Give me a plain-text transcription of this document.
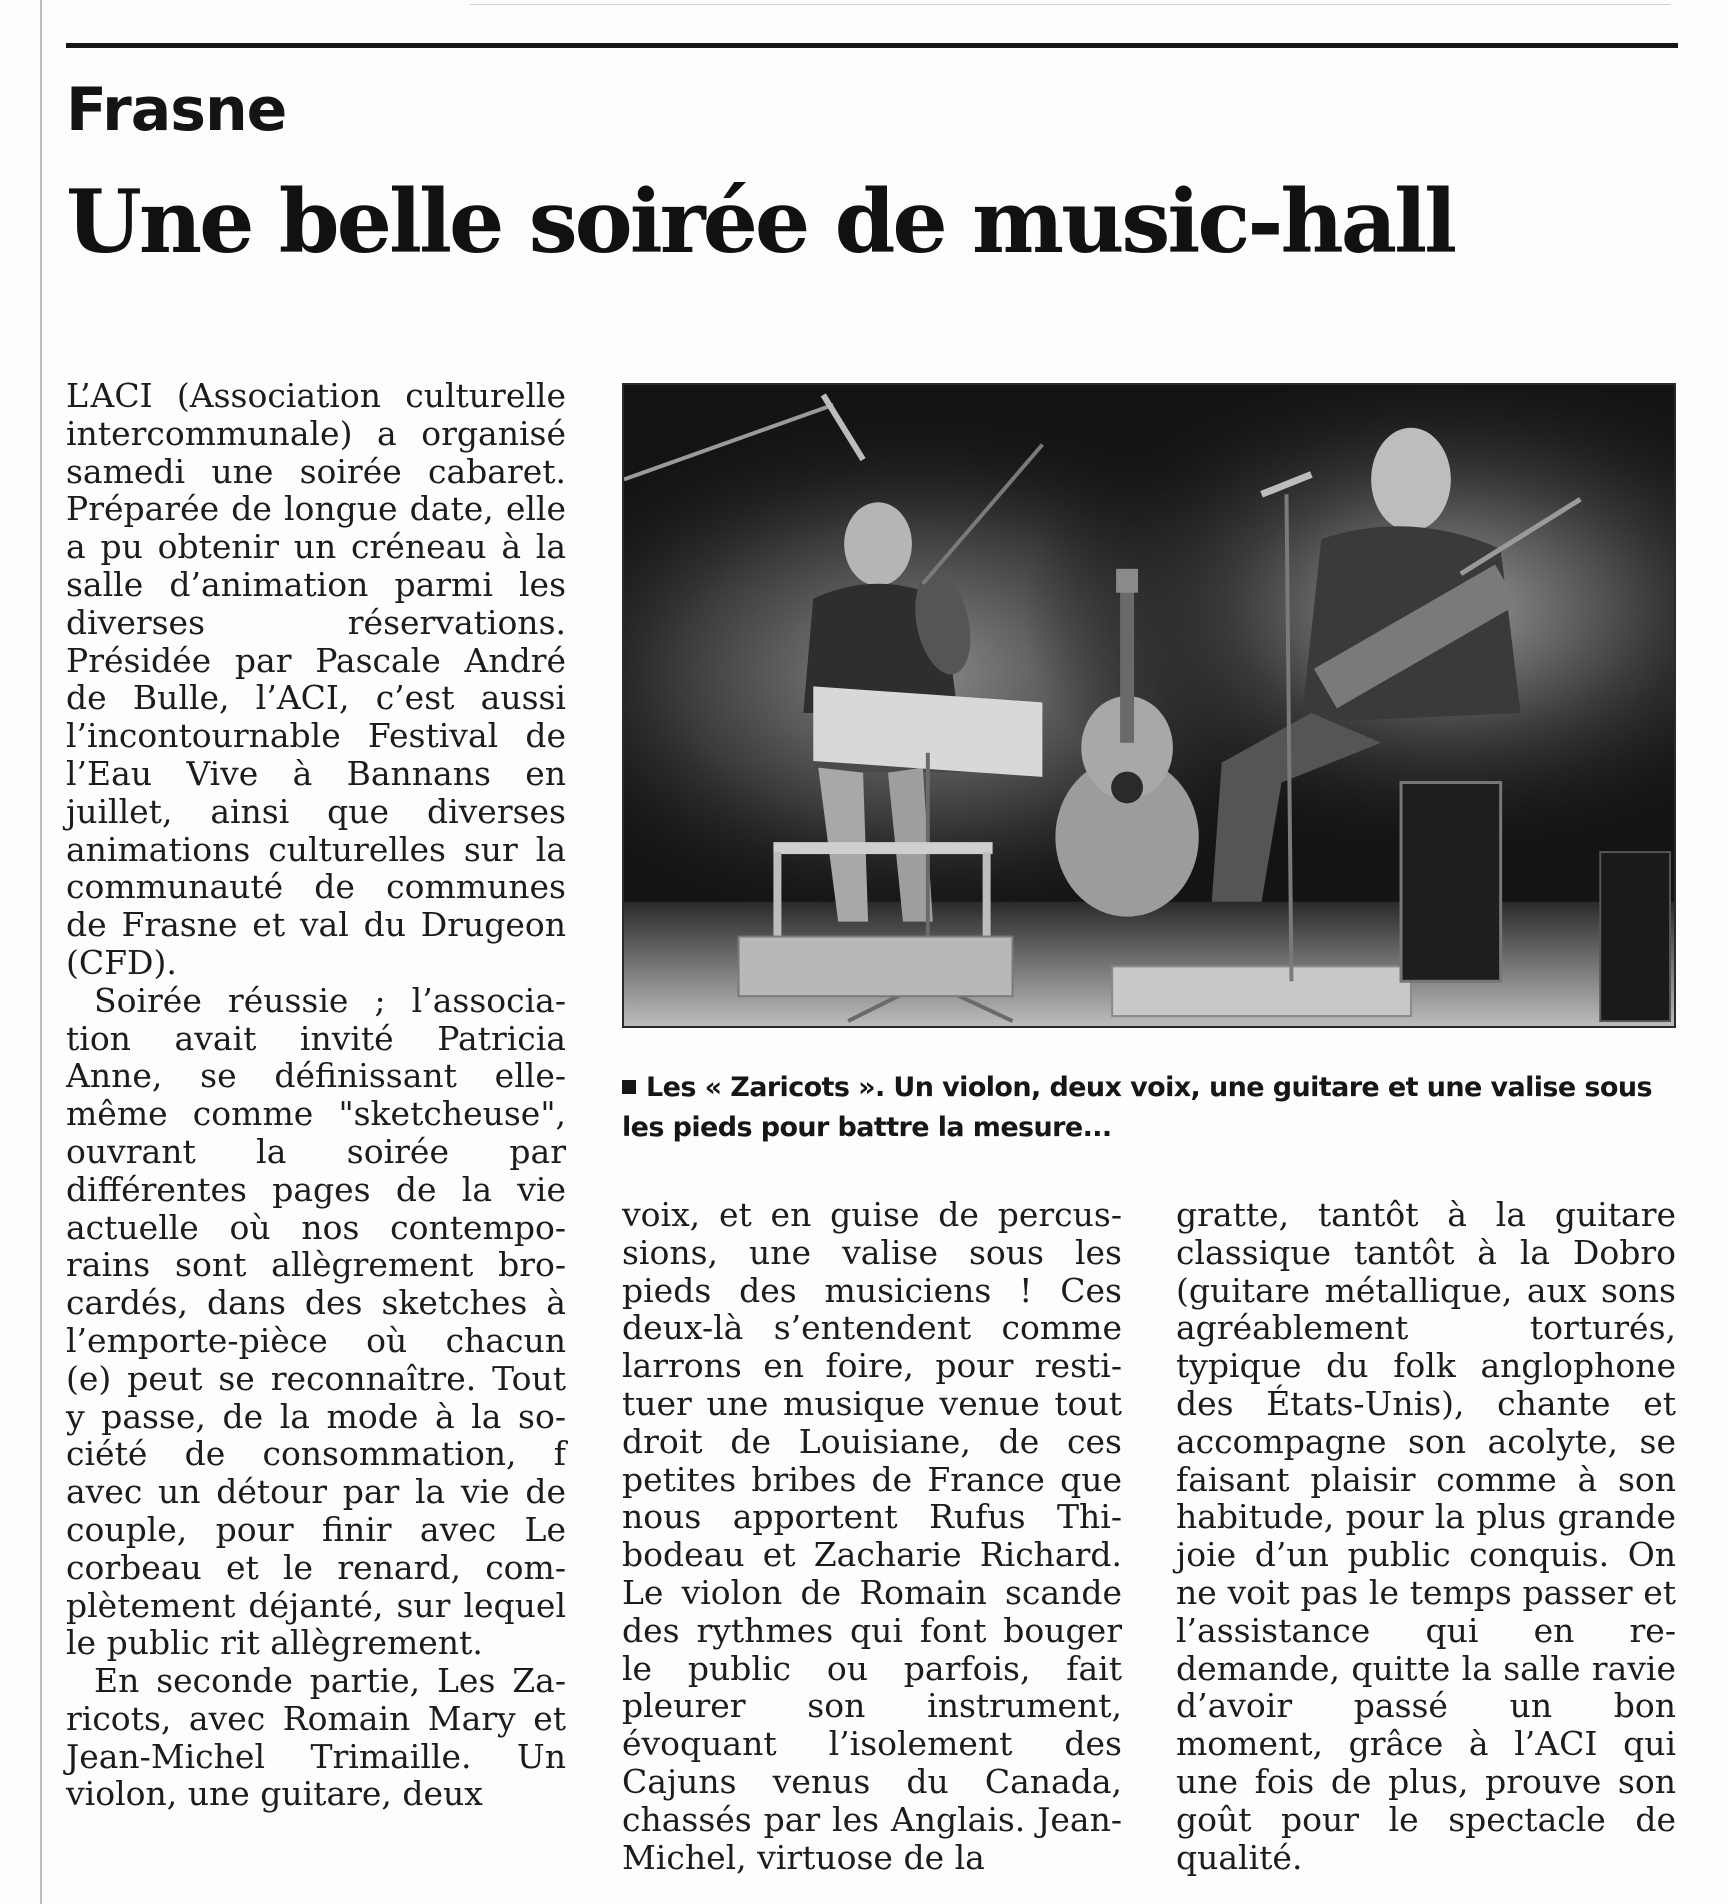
Frasne
Une belle soirée de music-hall

L’ACI (Association culturelle intercommunale) a organisé samedi une soirée cabaret. Préparée de longue date, elle a pu obtenir un créneau à la salle d’animation parmi les diverses réservations. Présidée par Pascale André de Bulle, l’ACI, c’est aussi l’incontournable Festival de l’Eau Vive à Bannans en juillet, ainsi que diverses animations culturelles sur la communauté de communes de Frasne et val du Drugeon (CFD).

Soirée réussie ; l’association avait invité Patricia Anne, se définissant elle-même comme "sketcheuse", ouvrant la soirée par différentes pages de la vie actuelle où nos contemporains sont allègrement brocardés, dans des sketches à l’emporte-pièce où chacun (e) peut se reconnaître. Tout y passe, de la mode à la société de consommation, f avec un détour par la vie de couple, pour finir avec Le corbeau et le renard, complètement déjanté, sur lequel le public rit allègrement.

En seconde partie, Les Zaricots, avec Romain Mary et Jean-Michel Trimaille. Un violon, une guitare, deux

Les « Zaricots ». Un violon, deux voix, une guitare et une valise sous les pieds pour battre la mesure...

voix, et en guise de percussions, une valise sous les pieds des musiciens ! Ces deux-là s’entendent comme larrons en foire, pour restituer une musique venue tout droit de Louisiane, de ces petites bribes de France que nous apportent Rufus Thibodeau et Zacharie Richard. Le violon de Romain scande des rythmes qui font bouger le public ou parfois, fait pleurer son instrument, évoquant l’isolement des Cajuns venus du Canada, chassés par les Anglais. Jean-Michel, virtuose de la

gratte, tantôt à la guitare classique tantôt à la Dobro (guitare métallique, aux sons agréablement torturés, typique du folk anglophone des États-Unis), chante et accompagne son acolyte, se faisant plaisir comme à son habitude, pour la plus grande joie d’un public conquis. On ne voit pas le temps passer et l’assistance qui en redemande, quitte la salle ravie d’avoir passé un bon moment, grâce à l’ACI qui une fois de plus, prouve son goût pour le spectacle de qualité.
